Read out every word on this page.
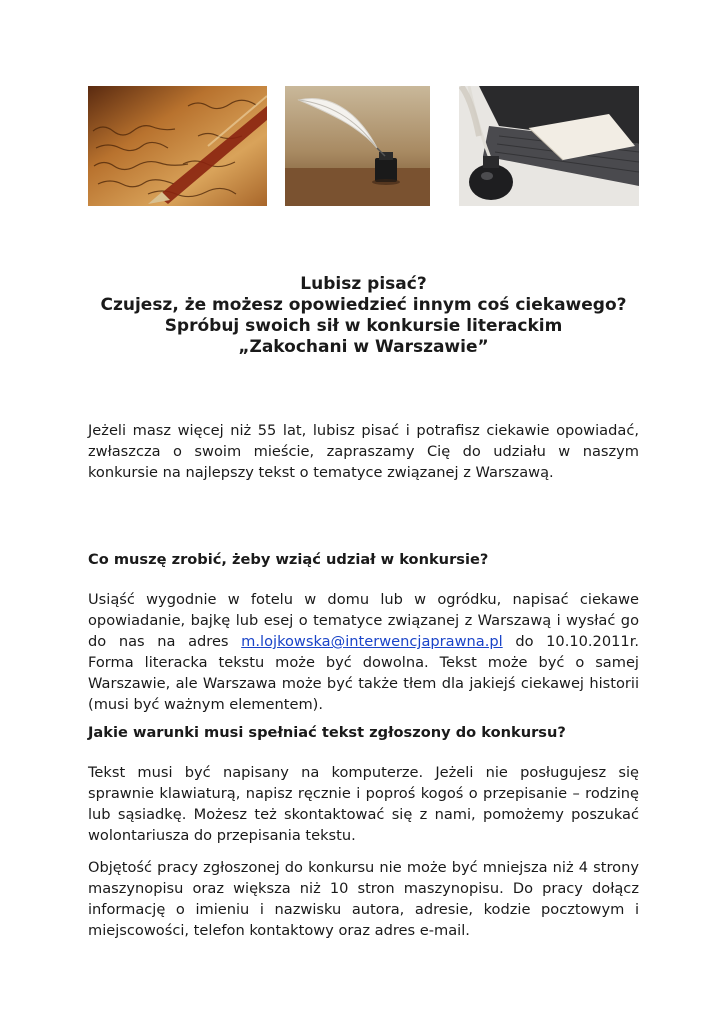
Lubisz pisać?
Czujesz, że możesz opowiedzieć innym coś ciekawego?
Spróbuj swoich sił w konkursie literackim
„Zakochani w Warszawie”

Jeżeli masz więcej niż 55 lat, lubisz pisać i potrafisz ciekawie opowiadać, zwłaszcza o swoim mieście, zapraszamy Cię do udziału w naszym konkursie na najlepszy tekst o tematyce związanej z Warszawą.

Co muszę zrobić, żeby wziąć udział w konkursie?

Usiąść wygodnie w fotelu w domu lub w ogródku, napisać ciekawe opowiadanie, bajkę lub esej o tematyce związanej z Warszawą i wysłać go do nas na adres m.lojkowska@interwencjaprawna.pl do 10.10.2011r. Forma literacka tekstu może być dowolna. Tekst może być o samej Warszawie, ale Warszawa może być także tłem dla jakiejś ciekawej historii (musi być ważnym elementem).

Jakie warunki musi spełniać tekst zgłoszony do konkursu?

Tekst musi być napisany na komputerze. Jeżeli nie posługujesz się sprawnie klawiaturą, napisz ręcznie i poproś kogoś o przepisanie – rodzinę lub sąsiadkę. Możesz też skontaktować się z nami, pomożemy poszukać wolontariusza do przepisania tekstu.

Objętość pracy zgłoszonej do konkursu nie może być mniejsza niż 4 strony maszynopisu oraz większa niż 10 stron maszynopisu. Do pracy dołącz informację o imieniu i nazwisku autora, adresie, kodzie pocztowym i miejscowości, telefon kontaktowy oraz adres e-mail.
